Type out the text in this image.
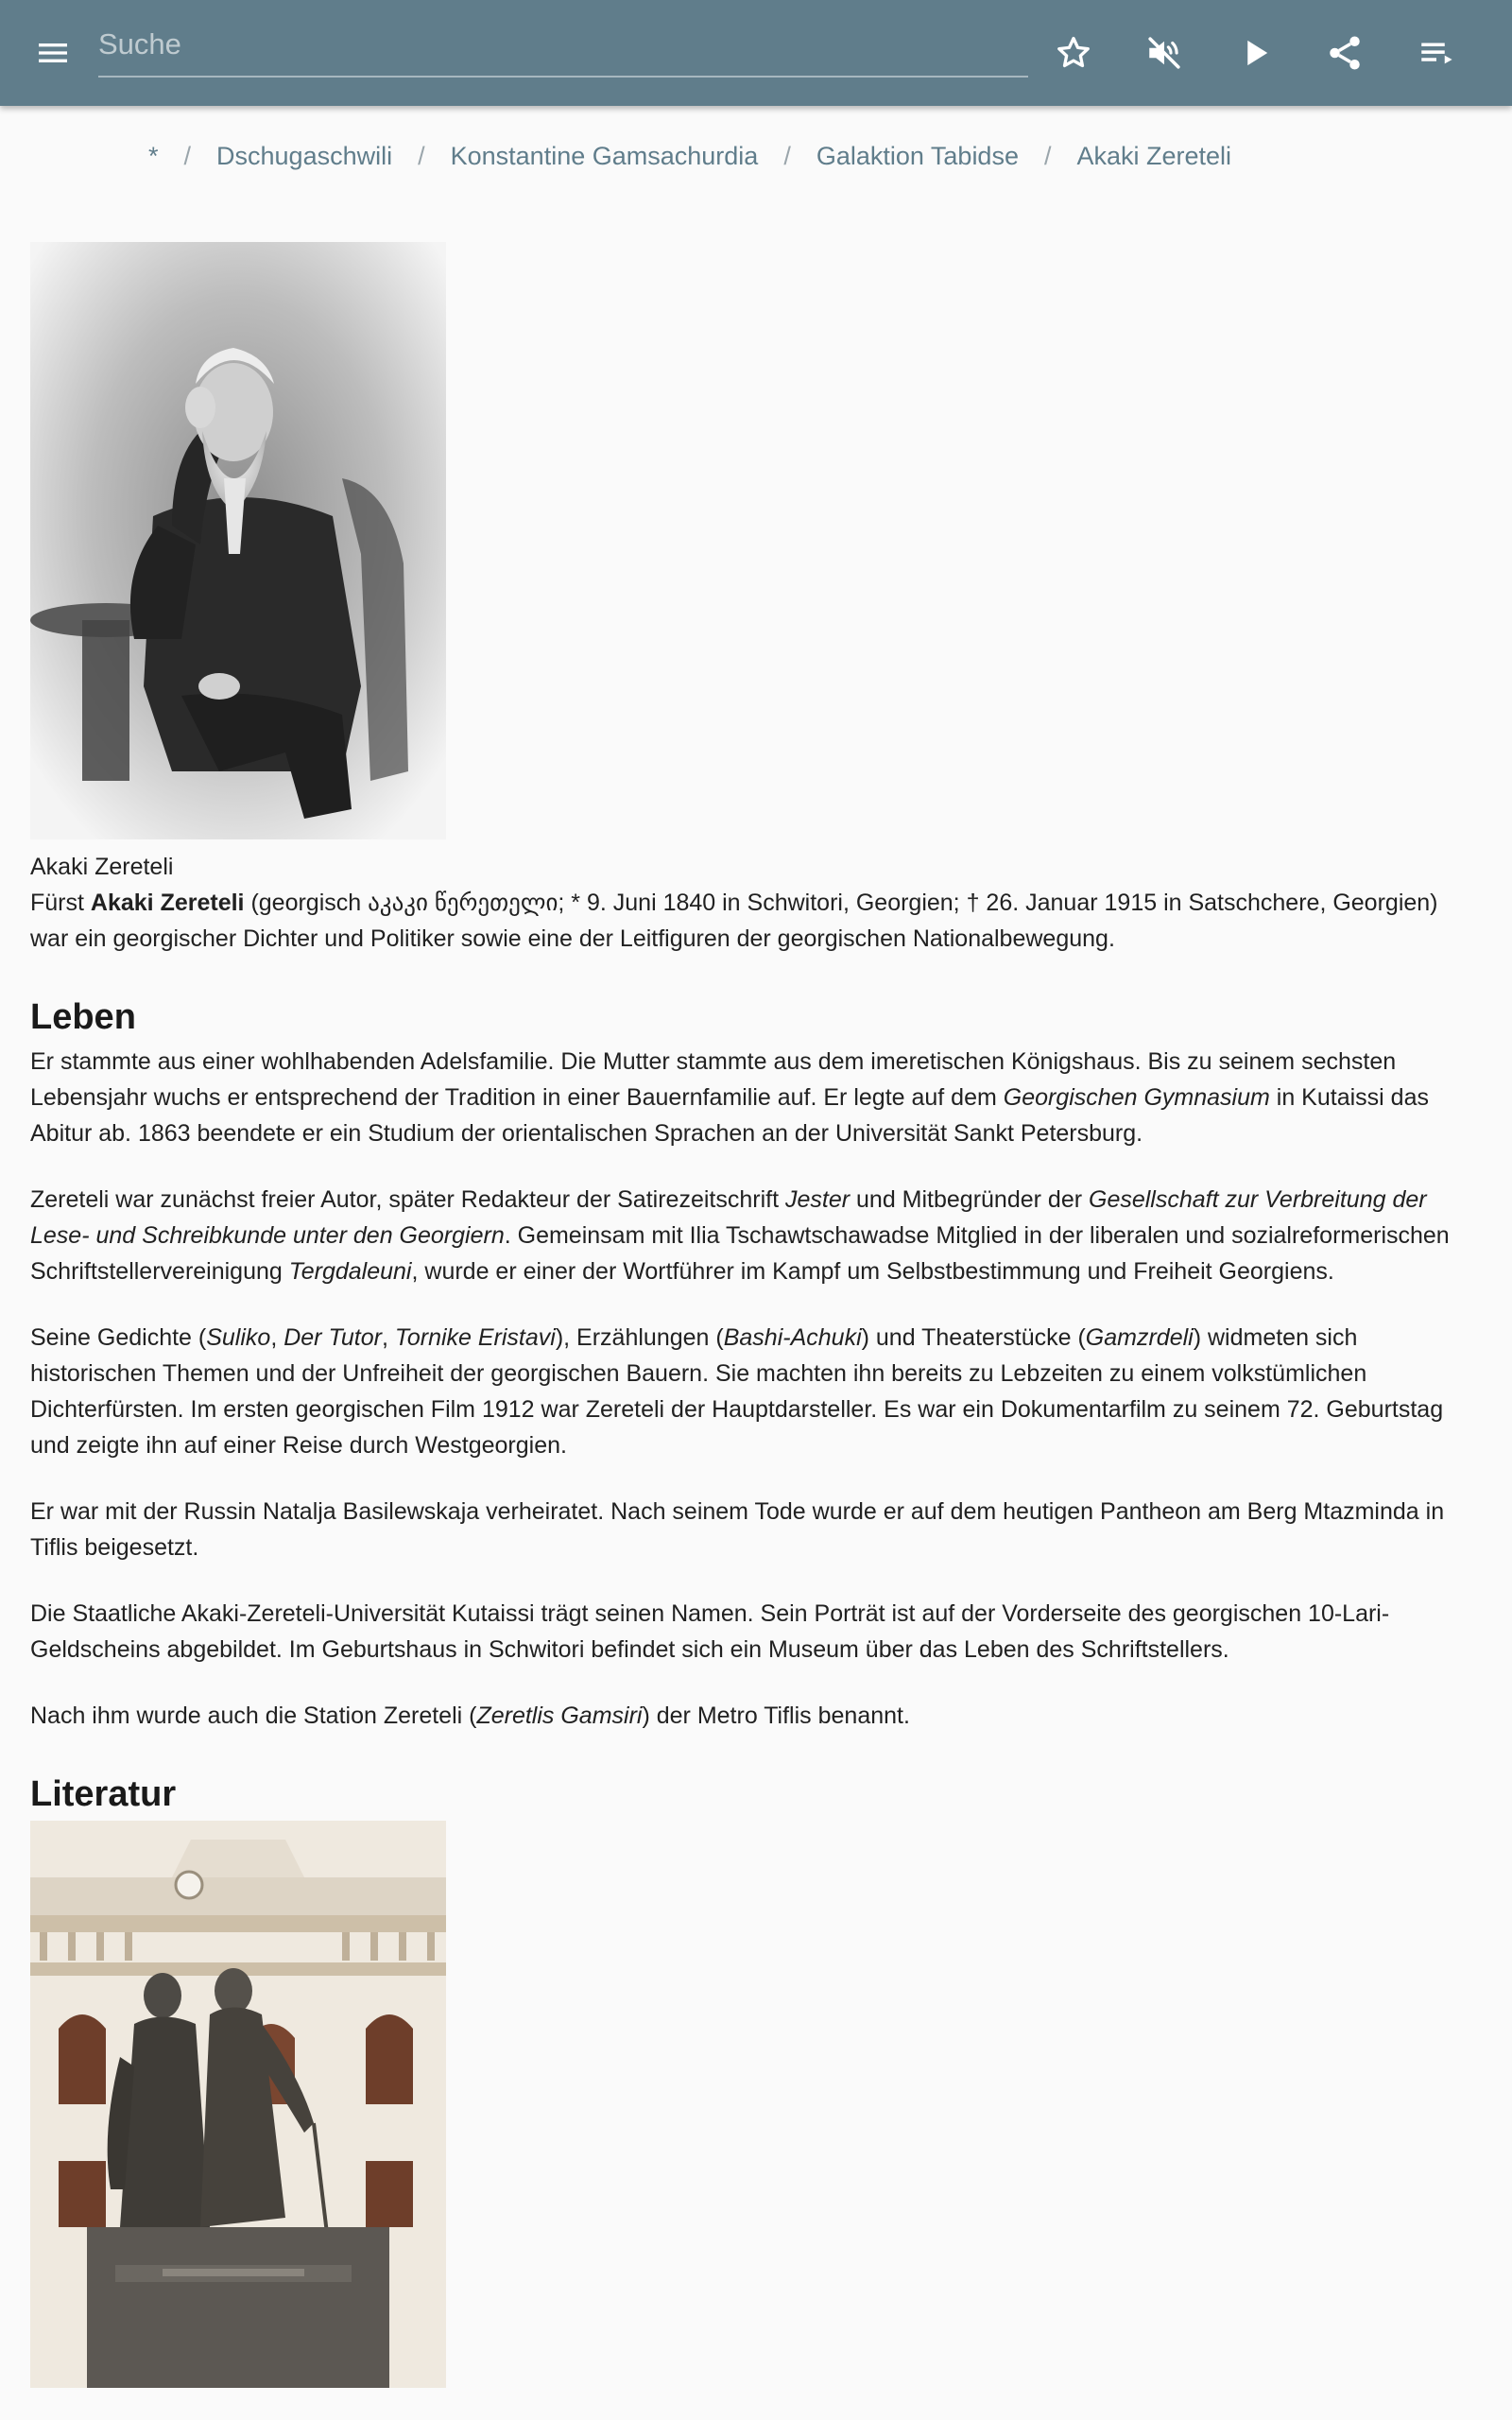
Suche
* / Dschugaschwili / Konstantine Gamsachurdia / Galaktion Tabidse / Akaki Zereteli
Akaki Zereteli

Fürst Akaki Zereteli (georgisch აკაკი წერეთელი; * 9. Juni 1840 in Schwitori, Georgien; † 26. Januar 1915 in Satschchere, Georgien) war ein georgischer Dichter und Politiker sowie eine der Leitfiguren der georgischen Nationalbewegung.

Leben

Er stammte aus einer wohlhabenden Adelsfamilie. Die Mutter stammte aus dem imeretischen Königshaus. Bis zu seinem sechsten Lebensjahr wuchs er entsprechend der Tradition in einer Bauernfamilie auf. Er legte auf dem Georgischen Gymnasium in Kutaissi das Abitur ab. 1863 beendete er ein Studium der orientalischen Sprachen an der Universität Sankt Petersburg.

Zereteli war zunächst freier Autor, später Redakteur der Satirezeitschrift Jester und Mitbegründer der Gesellschaft zur Verbreitung der Lese- und Schreibkunde unter den Georgiern. Gemeinsam mit Ilia Tschawtschawadse Mitglied in der liberalen und sozialreformerischen Schriftstellervereinigung Tergdaleuni, wurde er einer der Wortführer im Kampf um Selbstbestimmung und Freiheit Georgiens.

Seine Gedichte (Suliko, Der Tutor, Tornike Eristavi), Erzählungen (Bashi-Achuki) und Theaterstücke (Gamzrdeli) widmeten sich historischen Themen und der Unfreiheit der georgischen Bauern. Sie machten ihn bereits zu Lebzeiten zu einem volkstümlichen Dichterfürsten. Im ersten georgischen Film 1912 war Zereteli der Hauptdarsteller. Es war ein Dokumentarfilm zu seinem 72. Geburtstag und zeigte ihn auf einer Reise durch Westgeorgien.

Er war mit der Russin Natalja Basilewskaja verheiratet. Nach seinem Tode wurde er auf dem heutigen Pantheon am Berg Mtazminda in Tiflis beigesetzt.

Die Staatliche Akaki-Zereteli-Universität Kutaissi trägt seinen Namen. Sein Porträt ist auf der Vorderseite des georgischen 10-Lari-Geldscheins abgebildet. Im Geburtshaus in Schwitori befindet sich ein Museum über das Leben des Schriftstellers.

Nach ihm wurde auch die Station Zereteli (Zeretlis Gamsiri) der Metro Tiflis benannt.

Literatur
